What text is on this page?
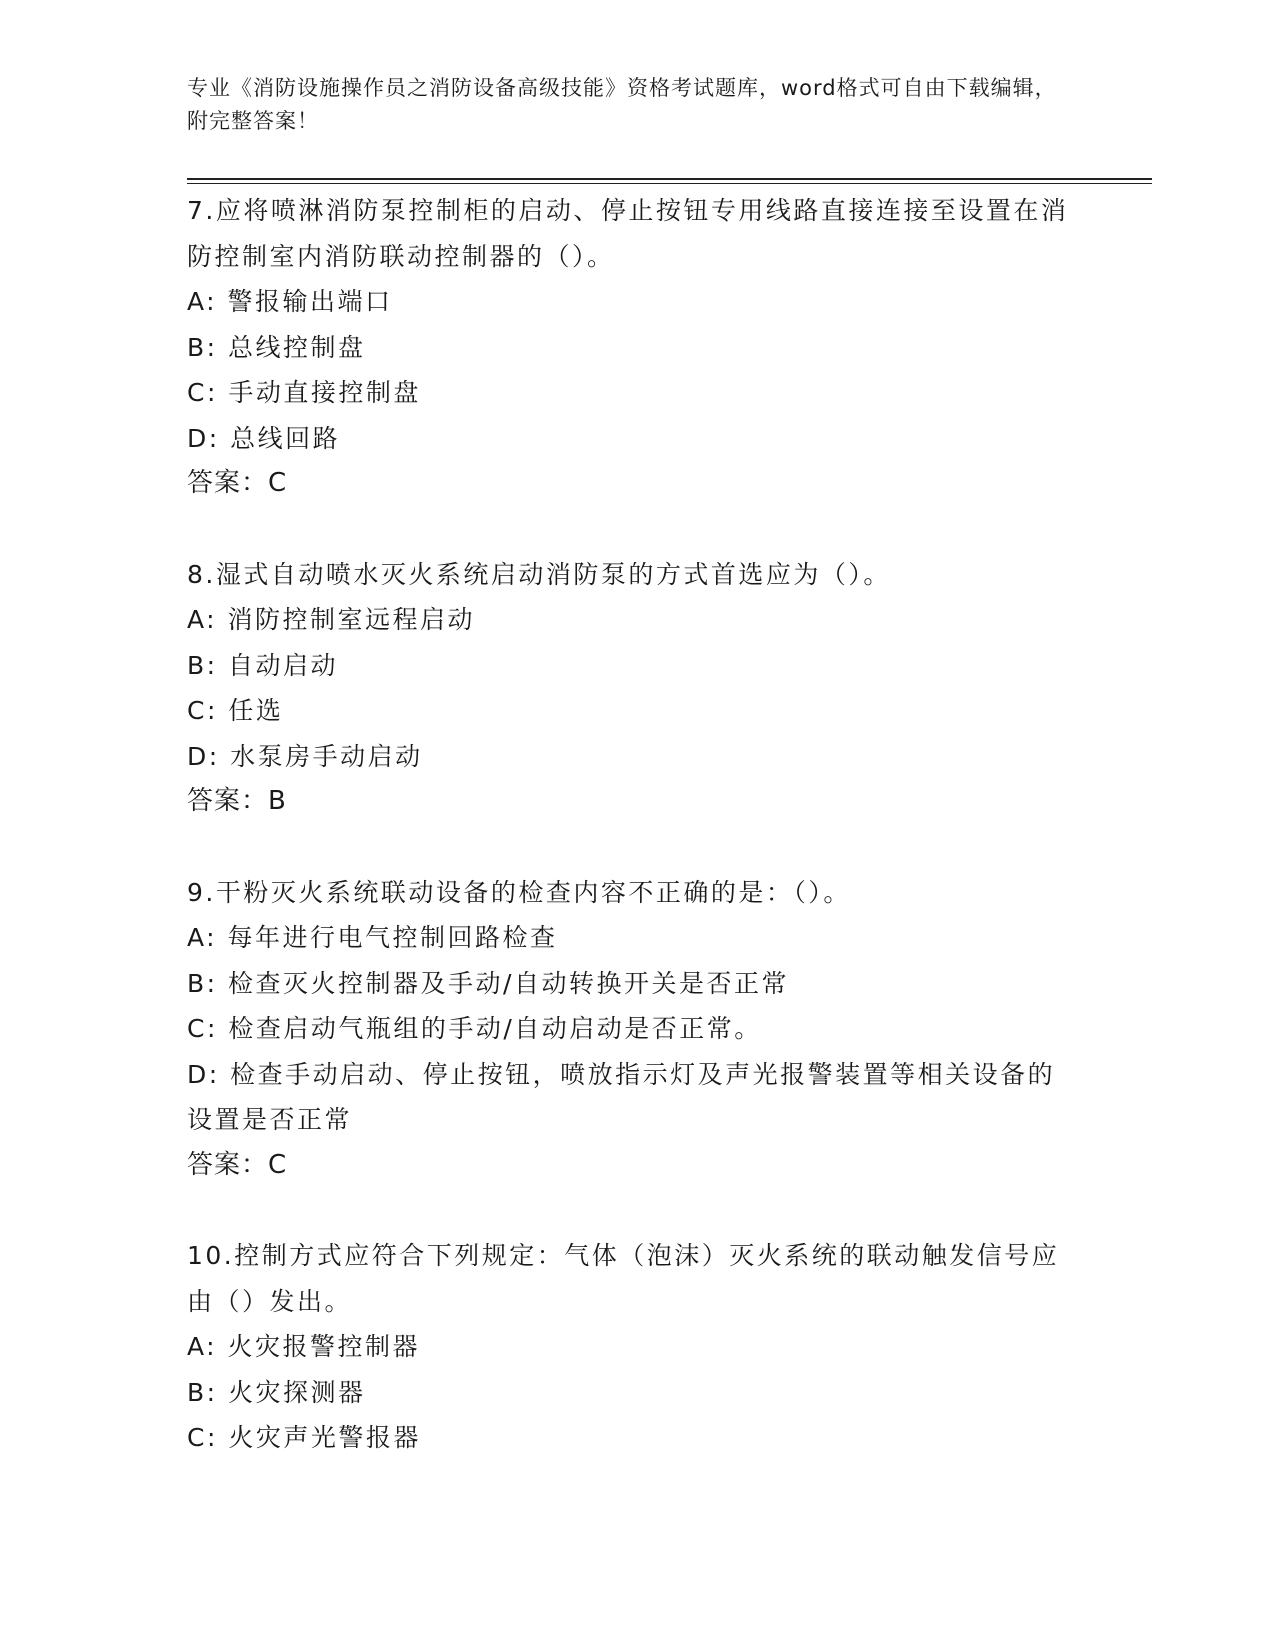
专业《消防设施操作员之消防设备高级技能》资格考试题库，word格式可自由下载编辑，附完整答案！

7.应将喷淋消防泵控制柜的启动、停止按钮专用线路直接连接至设置在消防控制室内消防联动控制器的（）。

A: 警报输出端口

B: 总线控制盘

C: 手动直接控制盘

D: 总线回路

答案：C

8.湿式自动喷水灭火系统启动消防泵的方式首选应为（）。

A: 消防控制室远程启动

B: 自动启动

C: 任选

D: 水泵房手动启动

答案：B

9.干粉灭火系统联动设备的检查内容不正确的是：（）。

A: 每年进行电气控制回路检查

B: 检查灭火控制器及手动/自动转换开关是否正常

C: 检查启动气瓶组的手动/自动启动是否正常。

D: 检查手动启动、停止按钮，喷放指示灯及声光报警装置等相关设备的设置是否正常

答案：C

10.控制方式应符合下列规定：气体（泡沫）灭火系统的联动触发信号应由（）发出。

A: 火灾报警控制器

B: 火灾探测器

C: 火灾声光警报器
